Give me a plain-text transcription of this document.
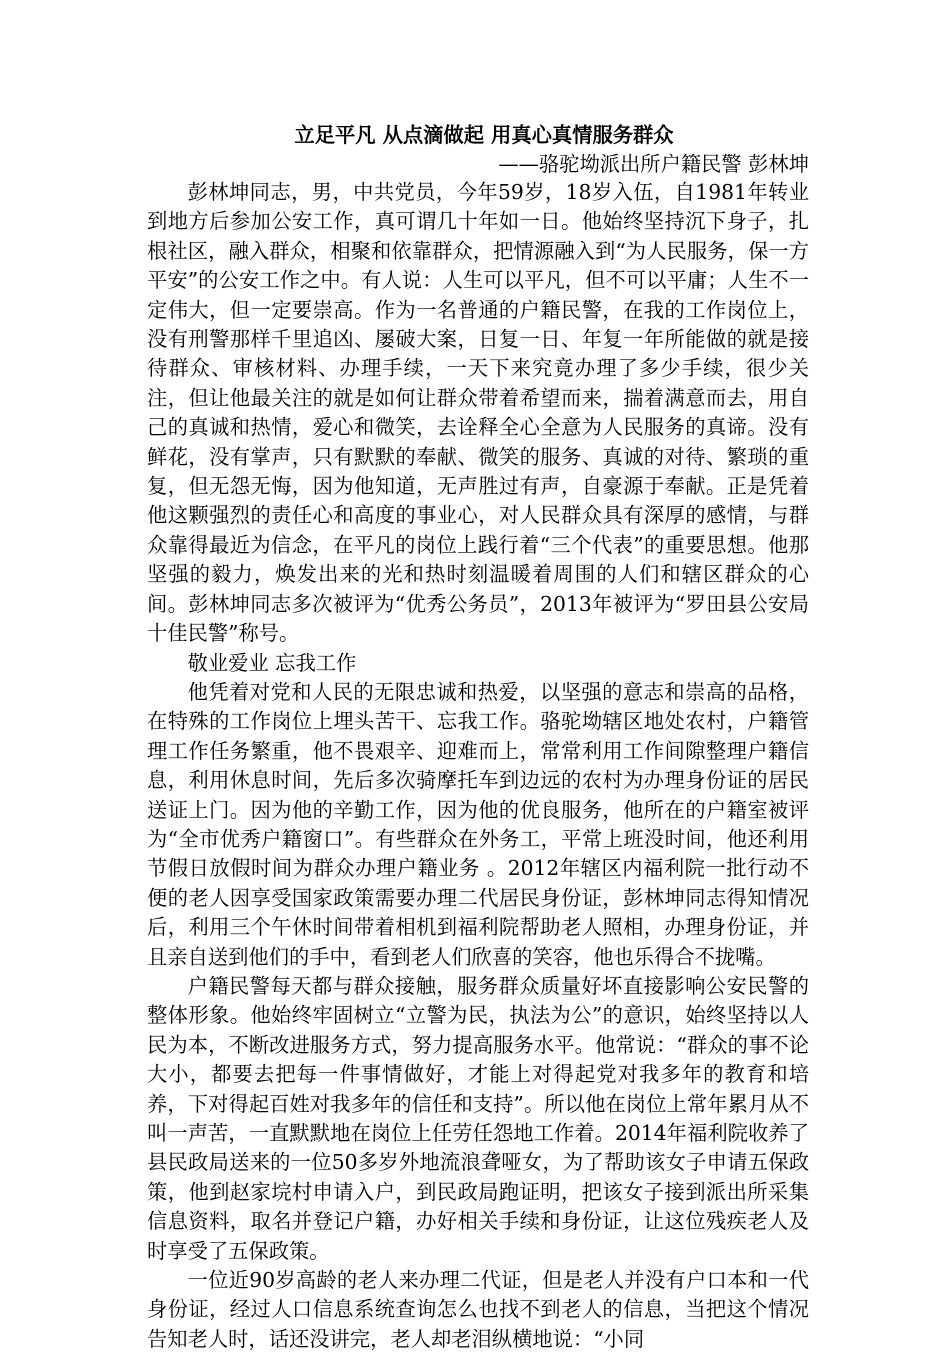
立足平凡 从点滴做起 用真心真情服务群众

——骆驼坳派出所户籍民警 彭林坤

彭林坤同志，男，中共党员，今年59岁，18岁入伍，自1981年转业到地方后参加公安工作，真可谓几十年如一日。他始终坚持沉下身子，扎根社区，融入群众，相聚和依靠群众，把情源融入到“为人民服务，保一方平安”的公安工作之中。有人说：人生可以平凡，但不可以平庸；人生不一定伟大，但一定要崇高。作为一名普通的户籍民警，在我的工作岗位上，没有刑警那样千里追凶、屡破大案，日复一日、年复一年所能做的就是接待群众、审核材料、办理手续，一天下来究竟办理了多少手续，很少关注，但让他最关注的就是如何让群众带着希望而来，揣着满意而去，用自己的真诚和热情，爱心和微笑，去诠释全心全意为人民服务的真谛。没有鲜花，没有掌声，只有默默的奉献、微笑的服务、真诚的对待、繁琐的重复，但无怨无悔，因为他知道，无声胜过有声，自豪源于奉献。正是凭着他这颗强烈的责任心和高度的事业心，对人民群众具有深厚的感情，与群众靠得最近为信念，在平凡的岗位上践行着“三个代表”的重要思想。他那坚强的毅力，焕发出来的光和热时刻温暖着周围的人们和辖区群众的心间。彭林坤同志多次被评为“优秀公务员”，2013年被评为“罗田县公安局十佳民警”称号。

敬业爱业 忘我工作

他凭着对党和人民的无限忠诚和热爱，以坚强的意志和崇高的品格，在特殊的工作岗位上埋头苦干、忘我工作。骆驼坳辖区地处农村，户籍管理工作任务繁重，他不畏艰辛、迎难而上，常常利用工作间隙整理户籍信息，利用休息时间，先后多次骑摩托车到边远的农村为办理身份证的居民送证上门。因为他的辛勤工作，因为他的优良服务，他所在的户籍室被评为“全市优秀户籍窗口”。有些群众在外务工，平常上班没时间，他还利用节假日放假时间为群众办理户籍业务 。2012年辖区内福利院一批行动不便的老人因享受国家政策需要办理二代居民身份证，彭林坤同志得知情况后，利用三个午休时间带着相机到福利院帮助老人照相，办理身份证，并且亲自送到他们的手中，看到老人们欣喜的笑容，他也乐得合不拢嘴。

户籍民警每天都与群众接触，服务群众质量好坏直接影响公安民警的整体形象。他始终牢固树立“立警为民，执法为公”的意识，始终坚持以人民为本，不断改进服务方式，努力提高服务水平。他常说：“群众的事不论大小，都要去把每一件事情做好，才能上对得起党对我多年的教育和培养，下对得起百姓对我多年的信任和支持”。所以他在岗位上常年累月从不叫一声苦，一直默默地在岗位上任劳任怨地工作着。2014年福利院收养了县民政局送来的一位50多岁外地流浪聋哑女，为了帮助该女子申请五保政策，他到赵家垸村申请入户，到民政局跑证明，把该女子接到派出所采集信息资料，取名并登记户籍，办好相关手续和身份证，让这位残疾老人及时享受了五保政策。

一位近90岁高龄的老人来办理二代证，但是老人并没有户口本和一代身份证，经过人口信息系统查询怎么也找不到老人的信息，当把这个情况告知老人时，话还没讲完，老人却老泪纵横地说：“小同
